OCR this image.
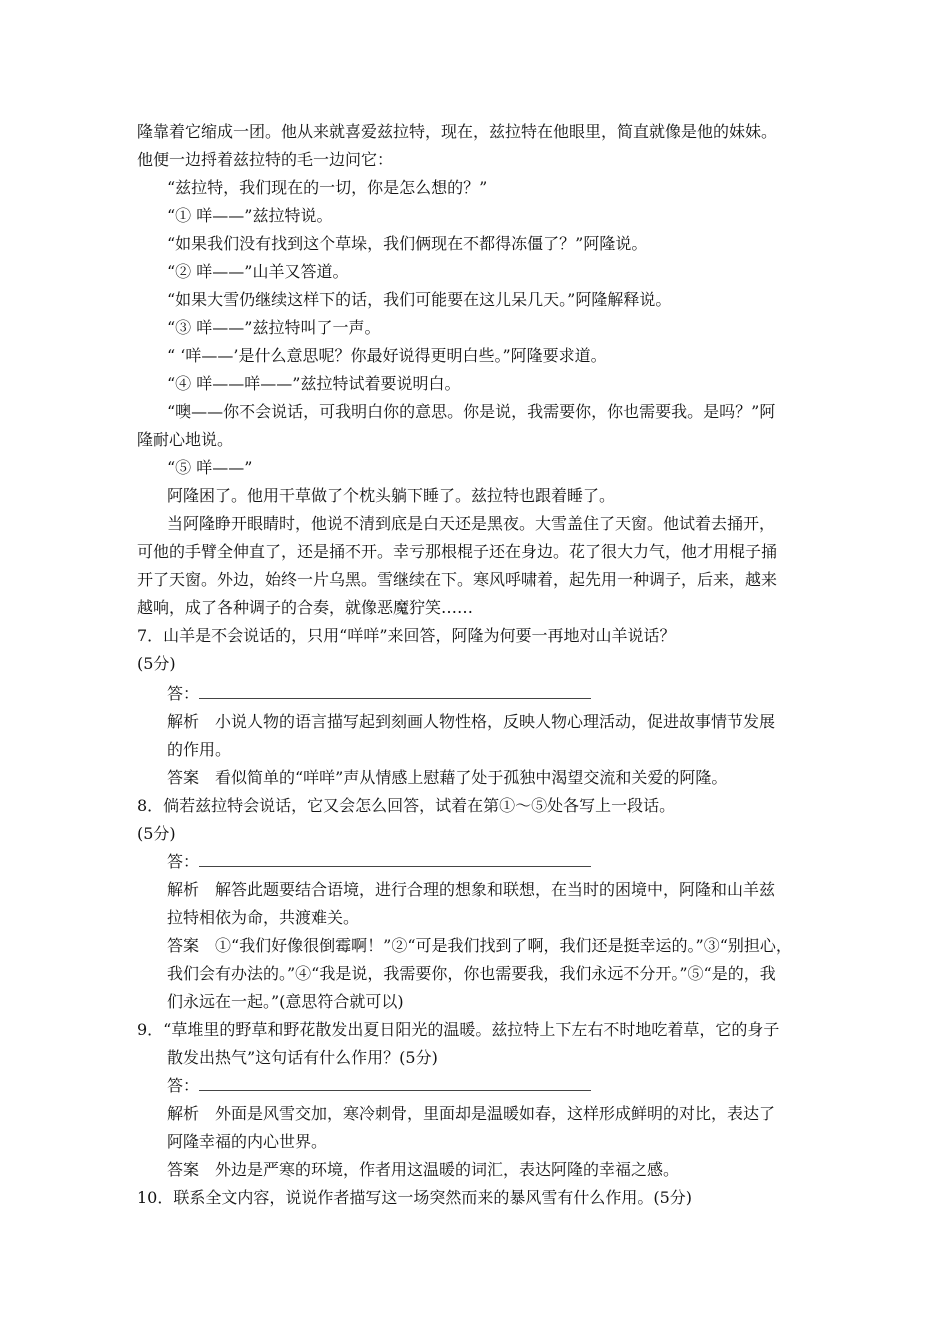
隆靠着它缩成一团。他从来就喜爱兹拉特，现在，兹拉特在他眼里，简直就像是他的妹妹。
他便一边捋着兹拉特的毛一边问它：
“兹拉特，我们现在的一切，你是怎么想的？”
“① 咩——”兹拉特说。
“如果我们没有找到这个草垛，我们俩现在不都得冻僵了？”阿隆说。
“② 咩——”山羊又答道。
“如果大雪仍继续这样下的话，我们可能要在这儿呆几天。”阿隆解释说。
“③ 咩——”兹拉特叫了一声。
“ ‘咩——’是什么意思呢？你最好说得更明白些。”阿隆要求道。
“④ 咩——咩——”兹拉特试着要说明白。
“噢——你不会说话，可我明白你的意思。你是说，我需要你，你也需要我。是吗？”阿
隆耐心地说。
“⑤ 咩——”
阿隆困了。他用干草做了个枕头躺下睡了。兹拉特也跟着睡了。
当阿隆睁开眼睛时，他说不清到底是白天还是黑夜。大雪盖住了天窗。他试着去捅开，
可他的手臂全伸直了，还是捅不开。幸亏那根棍子还在身边。花了很大力气，他才用棍子捅
开了天窗。外边，始终一片乌黑。雪继续在下。寒风呼啸着，起先用一种调子，后来，越来
越响，成了各种调子的合奏，就像恶魔狞笑……
7．山羊是不会说话的，只用“咩咩”来回答，阿隆为何要一再地对山羊说话？
(5分)
答：
解析　小说人物的语言描写起到刻画人物性格，反映人物心理活动，促进故事情节发展
的作用。
答案　看似简单的“咩咩”声从情感上慰藉了处于孤独中渴望交流和关爱的阿隆。
8．倘若兹拉特会说话，它又会怎么回答，试着在第①～⑤处各写上一段话。
(5分)
答：
解析　解答此题要结合语境，进行合理的想象和联想，在当时的困境中，阿隆和山羊兹
拉特相依为命，共渡难关。
答案　①“我们好像很倒霉啊！”②“可是我们找到了啊，我们还是挺幸运的。”③“别担心，
我们会有办法的。”④“我是说，我需要你，你也需要我，我们永远不分开。”⑤“是的，我
们永远在一起。”(意思符合就可以)
9．“草堆里的野草和野花散发出夏日阳光的温暖。兹拉特上下左右不时地吃着草，它的身子
散发出热气”这句话有什么作用？(5分)
答：
解析　外面是风雪交加，寒冷刺骨，里面却是温暖如春，这样形成鲜明的对比，表达了
阿隆幸福的内心世界。
答案　外边是严寒的环境，作者用这温暖的词汇，表达阿隆的幸福之感。
10．联系全文内容，说说作者描写这一场突然而来的暴风雪有什么作用。(5分)
